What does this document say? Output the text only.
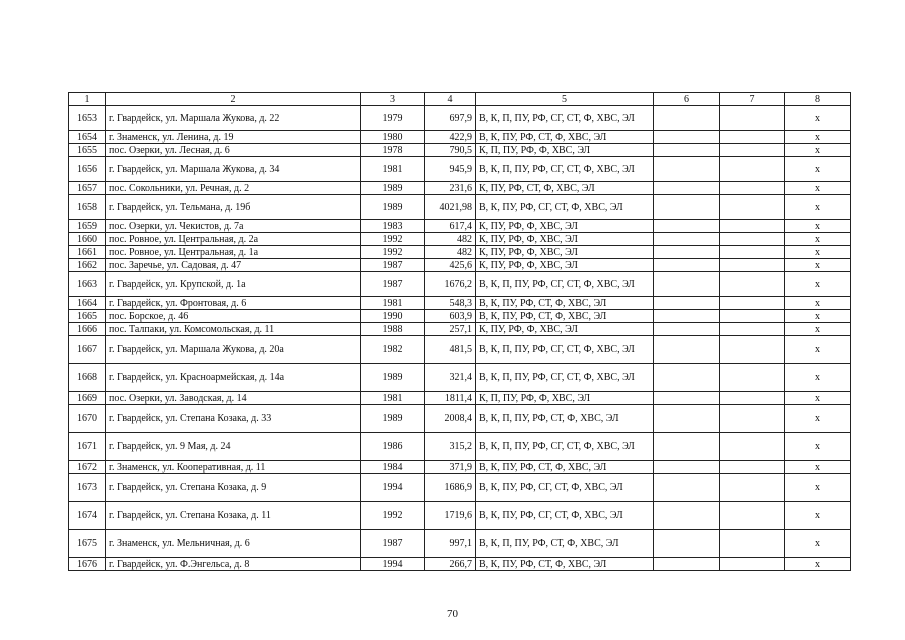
1	2	3	4	5	6	7	8
1653	г. Гвардейск, ул. Маршала Жукова, д. 22	1979	697,9	В, К, П, ПУ, РФ, СГ, СТ, Ф, ХВС, ЭЛ			х
1654	г. Знаменск, ул. Ленина, д. 19	1980	422,9	В, К, ПУ, РФ, СТ, Ф, ХВС, ЭЛ			х
1655	пос. Озерки, ул. Лесная, д. 6	1978	790,5	К, П, ПУ, РФ, Ф, ХВС, ЭЛ			х
1656	г. Гвардейск, ул. Маршала Жукова, д. 34	1981	945,9	В, К, П, ПУ, РФ, СГ, СТ, Ф, ХВС, ЭЛ			х
1657	пос. Сокольники, ул. Речная, д. 2	1989	231,6	К, ПУ, РФ, СТ, Ф, ХВС, ЭЛ			х
1658	г. Гвардейск, ул. Тельмана, д. 19б	1989	4021,98	В, К, ПУ, РФ, СГ, СТ, Ф, ХВС, ЭЛ			х
1659	пос. Озерки, ул. Чекистов, д. 7а	1983	617,4	К, ПУ, РФ, Ф, ХВС, ЭЛ			х
1660	пос. Ровное, ул. Центральная, д. 2а	1992	482	К, ПУ, РФ, Ф, ХВС, ЭЛ			х
1661	пос. Ровное, ул. Центральная, д. 1а	1992	482	К, ПУ, РФ, Ф, ХВС, ЭЛ			х
1662	пос. Заречье, ул. Садовая, д. 47	1987	425,6	К, ПУ, РФ, Ф, ХВС, ЭЛ			х
1663	г. Гвардейск, ул. Крупской, д. 1а	1987	1676,2	В, К, П, ПУ, РФ, СГ, СТ, Ф, ХВС, ЭЛ			х
1664	г. Гвардейск, ул. Фронтовая, д. 6	1981	548,3	В, К, ПУ, РФ, СТ, Ф, ХВС, ЭЛ			х
1665	пос. Борское, д. 46	1990	603,9	В, К, ПУ, РФ, СТ, Ф, ХВС, ЭЛ			х
1666	пос. Талпаки, ул. Комсомольская, д. 11	1988	257,1	К, ПУ, РФ, Ф, ХВС, ЭЛ			х
1667	г. Гвардейск, ул. Маршала Жукова, д. 20а	1982	481,5	В, К, П, ПУ, РФ, СГ, СТ, Ф, ХВС, ЭЛ			х
1668	г. Гвардейск, ул. Красноармейская, д. 14а	1989	321,4	В, К, П, ПУ, РФ, СГ, СТ, Ф, ХВС, ЭЛ			х
1669	пос. Озерки, ул. Заводская, д. 14	1981	1811,4	К, П, ПУ, РФ, Ф, ХВС, ЭЛ			х
1670	г. Гвардейск, ул. Степана Козака, д. 33	1989	2008,4	В, К, П, ПУ, РФ, СТ, Ф, ХВС, ЭЛ			х
1671	г. Гвардейск, ул. 9 Мая, д. 24	1986	315,2	В, К, П, ПУ, РФ, СГ, СТ, Ф, ХВС, ЭЛ			х
1672	г. Знаменск, ул. Кооперативная, д. 11	1984	371,9	В, К, ПУ, РФ, СТ, Ф, ХВС, ЭЛ			х
1673	г. Гвардейск, ул. Степана Козака, д. 9	1994	1686,9	В, К, ПУ, РФ, СГ, СТ, Ф, ХВС, ЭЛ			х
1674	г. Гвардейск, ул. Степана Козака, д. 11	1992	1719,6	В, К, ПУ, РФ, СГ, СТ, Ф, ХВС, ЭЛ			х
1675	г. Знаменск, ул. Мельничная, д. 6	1987	997,1	В, К, П, ПУ, РФ, СТ, Ф, ХВС, ЭЛ			х
1676	г. Гвардейск, ул. Ф.Энгельса, д. 8	1994	266,7	В, К, ПУ, РФ, СТ, Ф, ХВС, ЭЛ			х
70
